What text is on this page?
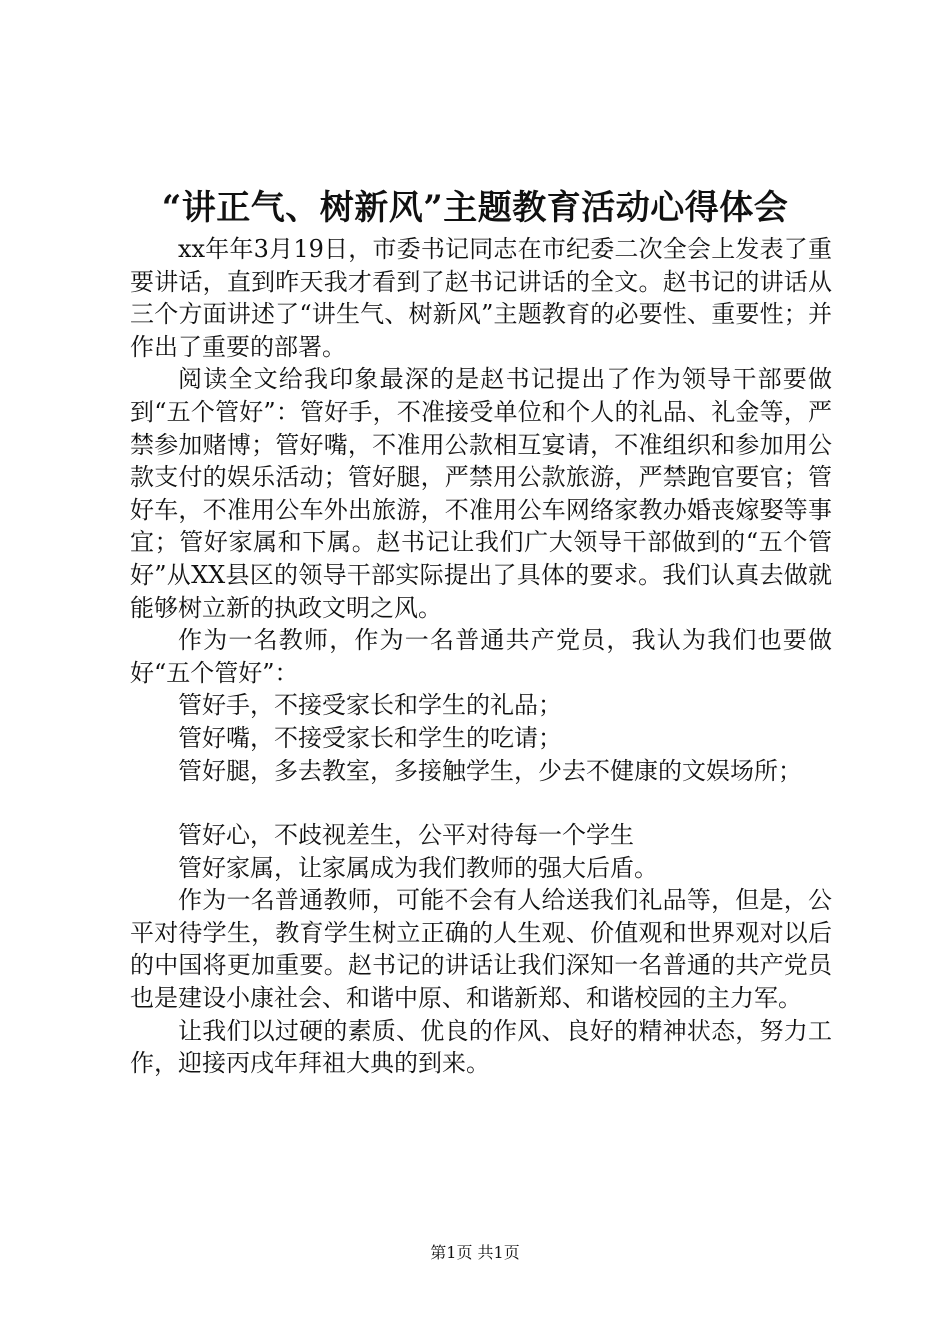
“讲正气、树新风”主题教育活动心得体会

xx年年3月19日，市委书记同志在市纪委二次全会上发表了重要讲话，直到昨天我才看到了赵书记讲话的全文。赵书记的讲话从三个方面讲述了“讲生气、树新风”主题教育的必要性、重要性；并作出了重要的部署。

阅读全文给我印象最深的是赵书记提出了作为领导干部要做到“五个管好”：管好手，不准接受单位和个人的礼品、礼金等，严禁参加赌博；管好嘴，不准用公款相互宴请，不准组织和参加用公款支付的娱乐活动；管好腿，严禁用公款旅游，严禁跑官要官；管好车，不准用公车外出旅游，不准用公车网络家教办婚丧嫁娶等事宜；管好家属和下属。赵书记让我们广大领导干部做到的“五个管好”从XX县区的领导干部实际提出了具体的要求。我们认真去做就能够树立新的执政文明之风。

作为一名教师，作为一名普通共产党员，我认为我们也要做好“五个管好”：

管好手，不接受家长和学生的礼品；

管好嘴，不接受家长和学生的吃请；

管好腿，多去教室，多接触学生，少去不健康的文娱场所；

管好心，不歧视差生，公平对待每一个学生

管好家属，让家属成为我们教师的强大后盾。

作为一名普通教师，可能不会有人给送我们礼品等，但是，公平对待学生，教育学生树立正确的人生观、价值观和世界观对以后的中国将更加重要。赵书记的讲话让我们深知一名普通的共产党员也是建设小康社会、和谐中原、和谐新郑、和谐校园的主力军。

让我们以过硬的素质、优良的作风、良好的精神状态，努力工作，迎接丙戌年拜祖大典的到来。

第1页 共1页
